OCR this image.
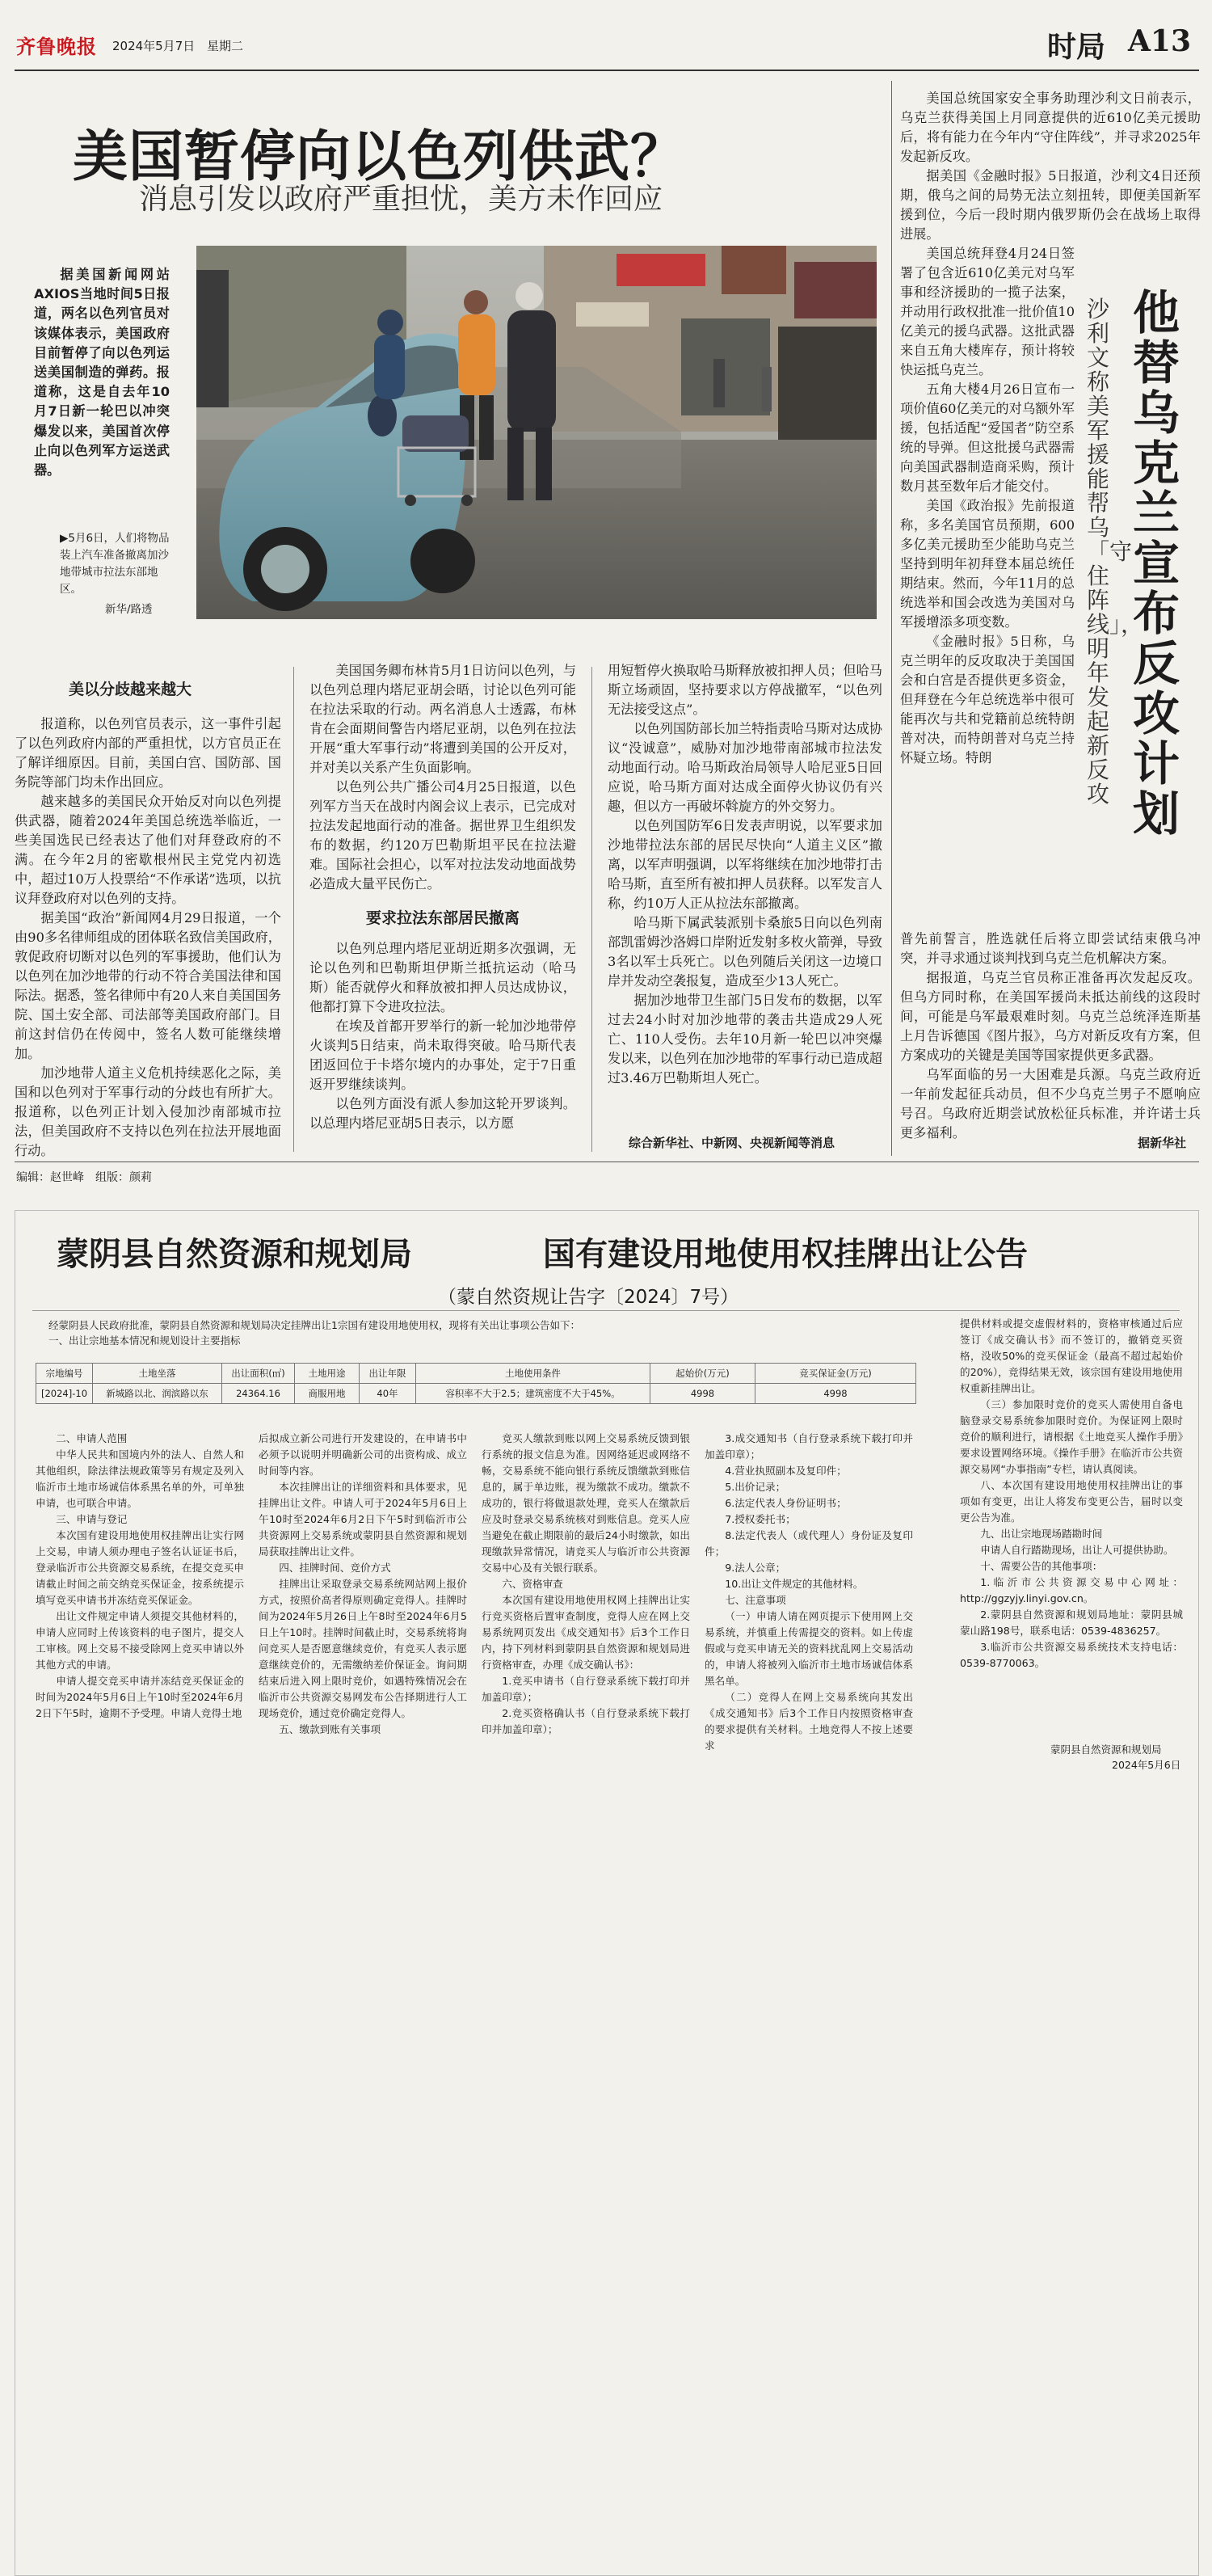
齐鲁晚报 2024年5月7日 星期二	时局 A13
美国暂停向以色列供武？
消息引发以政府严重担忧，美方未作回应
据美国新闻网站AXIOS当地时间5日报道，两名以色列官员对该媒体表示，美国政府目前暂停了向以色列运送美国制造的弹药。报道称，这是自去年10月7日新一轮巴以冲突爆发以来，美国首次停止向以色列军方运送武器。
▶5月6日，人们将物品装上汽车准备撤离加沙地带城市拉法东部地区。
新华/路透
美以分歧越来越大

报道称，以色列官员表示，这一事件引起了以色列政府内部的严重担忧，以方官员正在了解详细原因。目前，美国白宫、国防部、国务院等部门均未作出回应。

越来越多的美国民众开始反对向以色列提供武器，随着2024年美国总统选举临近，一些美国选民已经表达了他们对拜登政府的不满。在今年2月的密歇根州民主党党内初选中，超过10万人投票给“不作承诺”选项，以抗议拜登政府对以色列的支持。

据美国“政治”新闻网4月29日报道，一个由90多名律师组成的团体联名致信美国政府，敦促政府切断对以色列的军事援助，他们认为以色列在加沙地带的行动不符合美国法律和国际法。据悉，签名律师中有20人来自美国国务院、国土安全部、司法部等美国政府部门。目前这封信仍在传阅中，签名人数可能继续增加。

加沙地带人道主义危机持续恶化之际，美国和以色列对于军事行动的分歧也有所扩大。报道称，以色列正计划入侵加沙南部城市拉法，但美国政府不支持以色列在拉法开展地面行动。

美国国务卿布林肯5月1日访问以色列，与以色列总理内塔尼亚胡会晤，讨论以色列可能在拉法采取的行动。两名消息人士透露，布林肯在会面期间警告内塔尼亚胡，以色列在拉法开展“重大军事行动”将遭到美国的公开反对，并对美以关系产生负面影响。

以色列公共广播公司4月25日报道，以色列军方当天在战时内阁会议上表示，已完成对拉法发起地面行动的准备。据世界卫生组织发布的数据，约120万巴勒斯坦平民在拉法避难。国际社会担心，以军对拉法发动地面战势必造成大量平民伤亡。

要求拉法东部居民撤离

以色列总理内塔尼亚胡近期多次强调，无论以色列和巴勒斯坦伊斯兰抵抗运动（哈马斯）能否就停火和释放被扣押人员达成协议，他都打算下令进攻拉法。

在埃及首都开罗举行的新一轮加沙地带停火谈判5日结束，尚未取得突破。哈马斯代表团返回位于卡塔尔境内的办事处，定于7日重返开罗继续谈判。

以色列方面没有派人参加这轮开罗谈判。以总理内塔尼亚胡5日表示，以方愿

用短暂停火换取哈马斯释放被扣押人员；但哈马斯立场顽固，坚持要求以方停战撤军，“以色列无法接受这点”。

以色列国防部长加兰特指责哈马斯对达成协议“没诚意”，威胁对加沙地带南部城市拉法发动地面行动。哈马斯政治局领导人哈尼亚5日回应说，哈马斯方面对达成全面停火协议仍有兴趣，但以方一再破坏斡旋方的外交努力。

以色列国防军6日发表声明说，以军要求加沙地带拉法东部的居民尽快向“人道主义区”撤离，以军声明强调，以军将继续在加沙地带打击哈马斯，直至所有被扣押人员获释。以军发言人称，约10万人正从拉法东部撤离。

哈马斯下属武装派别卡桑旅5日向以色列南部凯雷姆沙洛姆口岸附近发射多枚火箭弹，导致3名以军士兵死亡。以色列随后关闭这一边境口岸并发动空袭报复，造成至少13人死亡。

据加沙地带卫生部门5日发布的数据，以军过去24小时对加沙地带的袭击共造成29人死亡、110人受伤。去年10月新一轮巴以冲突爆发以来，以色列在加沙地带的军事行动已造成超过3.46万巴勒斯坦人死亡。

综合新华社、中新网、央视新闻等消息

美国总统国家安全事务助理沙利文日前表示，乌克兰获得美国上月同意提供的近610亿美元援助后，将有能力在今年内“守住阵线”，并寻求2025年发起新反攻。

据美国《金融时报》5日报道，沙利文4日还预期，俄乌之间的局势无法立刻扭转，即便美国新军援到位，今后一段时期内俄罗斯仍会在战场上取得进展。

美国总统拜登4月24日签署了包含近610亿美元对乌军事和经济援助的一揽子法案，并动用行政权批准一批价值10亿美元的援乌武器。这批武器来自五角大楼库存，预计将较快运抵乌克兰。

五角大楼4月26日宣布一项价值60亿美元的对乌额外军援，包括适配“爱国者”防空系统的导弹。但这批援乌武器需向美国武器制造商采购，预计数月甚至数年后才能交付。

美国《政治报》先前报道称，多名美国官员预期，600多亿美元援助至少能助乌克兰坚持到明年初拜登本届总统任期结束。然而，今年11月的总统选举和国会改选为美国对乌军援增添多项变数。

《金融时报》5日称，乌克兰明年的反攻取决于美国国会和白宫是否提供更多资金，但拜登在今年总统选举中很可能再次与共和党籍前总统特朗普对决，而特朗普对乌克兰持怀疑立场。特朗

沙利文称美军援能帮乌「守住阵线」，明年发起新反攻
他替乌克兰宣布反攻计划

普先前誓言，胜选就任后将立即尝试结束俄乌冲突，并寻求通过谈判找到乌克兰危机解决方案。

据报道，乌克兰官员称正准备再次发起反攻。但乌方同时称，在美国军援尚未抵达前线的这段时间，可能是乌军最艰难时刻。乌克兰总统泽连斯基上月告诉德国《图片报》，乌方对新反攻有方案，但方案成功的关键是美国等国家提供更多武器。

乌军面临的另一大困难是兵源。乌克兰政府近一年前发起征兵动员，但不少乌克兰男子不愿响应号召。乌政府近期尝试放松征兵标准，并许诺士兵更多福利。

据新华社
编辑：赵世峰　组版：颜莉
蒙阴县自然资源和规划局	国有建设用地使用权挂牌出让公告
（蒙自然资规让告字〔2024〕7号）
经蒙阴县人民政府批准，蒙阴县自然资源和规划局决定挂牌出让1宗国有建设用地使用权，现将有关出让事项公告如下：
一、出让宗地基本情况和规划设计主要指标
宗地编号	土地坐落	出让面积(㎡)	土地用途	出让年限	土地使用条件	起始价(万元)	竞买保证金(万元)
[2024]-10	新城路以北、润滨路以东	24364.16	商服用地	40年	容积率不大于2.5；建筑密度不大于45%。	4998	4998

二、申请人范围

中华人民共和国境内外的法人、自然人和其他组织，除法律法规政策等另有规定及列入临沂市土地市场诚信体系黑名单的外，可单独申请，也可联合申请。

三、申请与登记

本次国有建设用地使用权挂牌出让实行网上交易，申请人须办理电子签名认证证书后，登录临沂市公共资源交易系统，在提交竞买申请截止时间之前交纳竞买保证金，按系统提示填写竞买申请书并冻结竞买保证金。

出让文件规定申请人须提交其他材料的，申请人应同时上传该资料的电子图片，提交人工审核。网上交易不接受除网上竞买申请以外其他方式的申请。

申请人提交竞买申请并冻结竞买保证金的时间为2024年5月6日上午10时至2024年6月2日下午5时，逾期不予受理。申请人竞得土地

后拟成立新公司进行开发建设的，在申请书中必须予以说明并明确新公司的出资构成、成立时间等内容。

本次挂牌出让的详细资料和具体要求，见挂牌出让文件。申请人可于2024年5月6日上午10时至2024年6月2日下午5时到临沂市公共资源网上交易系统或蒙阴县自然资源和规划局获取挂牌出让文件。

四、挂牌时间、竞价方式

挂牌出让采取登录交易系统网站网上报价方式，按照价高者得原则确定竞得人。挂牌时间为2024年5月26日上午8时至2024年6月5日上午10时。挂牌时间截止时，交易系统将询问竞买人是否愿意继续竞价，有竞买人表示愿意继续竞价的，无需缴纳差价保证金。询问期结束后进入网上限时竞价，如遇特殊情况会在临沂市公共资源交易网发布公告择期进行人工现场竞价，通过竞价确定竞得人。

五、缴款到账有关事项

竞买人缴款到账以网上交易系统反馈到银行系统的报文信息为准。因网络延迟或网络不畅，交易系统不能向银行系统反馈缴款到账信息的，属于单边账，视为缴款不成功。缴款不成功的，银行将做退款处理，竞买人在缴款后应及时登录交易系统核对到账信息。竞买人应当避免在截止期限前的最后24小时缴款，如出现缴款异常情况，请竞买人与临沂市公共资源交易中心及有关银行联系。

六、资格审查

本次国有建设用地使用权网上挂牌出让实行竞买资格后置审查制度，竞得人应在网上交易系统网页发出《成交通知书》后3个工作日内，持下列材料到蒙阴县自然资源和规划局进行资格审查，办理《成交确认书》：

1.竞买申请书（自行登录系统下载打印并加盖印章）；

2.竞买资格确认书（自行登录系统下载打印并加盖印章）；

3.成交通知书（自行登录系统下载打印并加盖印章）；

4.营业执照副本及复印件；

5.出价记录；

6.法定代表人身份证明书；

7.授权委托书；

8.法定代表人（或代理人）身份证及复印件；

9.法人公章；

10.出让文件规定的其他材料。

七、注意事项

（一）申请人请在网页提示下使用网上交易系统，并慎重上传需提交的资料。如上传虚假或与竞买申请无关的资料扰乱网上交易活动的，申请人将被列入临沂市土地市场诚信体系黑名单。

（二）竞得人在网上交易系统向其发出《成交通知书》后3个工作日内按照资格审查的要求提供有关材料。土地竞得人不按上述要求

提供材料或提交虚假材料的，资格审核通过后应签订《成交确认书》而不签订的，撤销竞买资格，没收50%的竞买保证金（最高不超过起始价的20%），竞得结果无效，该宗国有建设用地使用权重新挂牌出让。

（三）参加限时竞价的竞买人需使用自备电脑登录交易系统参加限时竞价。为保证网上限时竞价的顺利进行，请根据《土地竞买人操作手册》要求设置网络环境。《操作手册》在临沂市公共资源交易网“办事指南”专栏，请认真阅读。

八、本次国有建设用地使用权挂牌出让的事项如有变更，出让人将发布变更公告，届时以变更公告为准。

九、出让宗地现场踏勘时间

申请人自行踏勘现场，出让人可提供协助。

十、需要公告的其他事项：

1.临沂市公共资源交易中心网址：http://ggzyjy.linyi.gov.cn。

2.蒙阴县自然资源和规划局地址：蒙阴县城蒙山路198号，联系电话：0539-4836257。

3.临沂市公共资源交易系统技术支持电话：0539-8770063。

蒙阴县自然资源和规划局
2024年5月6日
